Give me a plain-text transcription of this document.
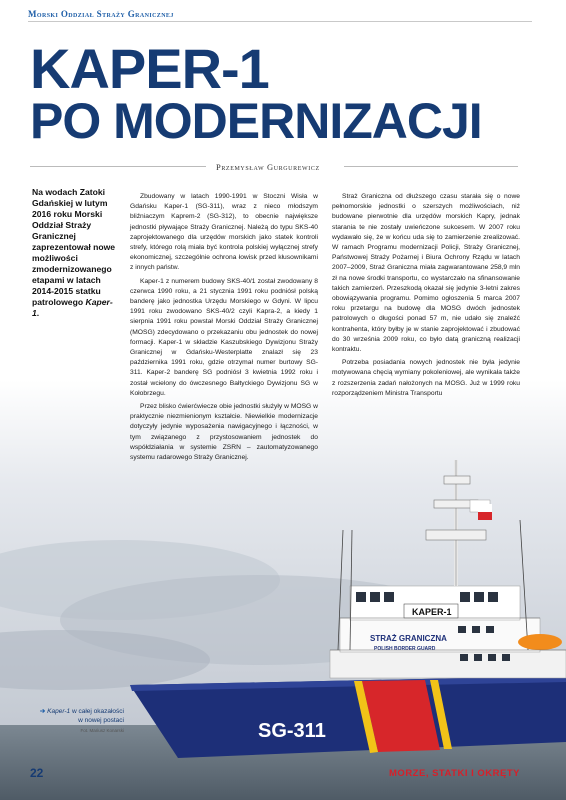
Morski Oddział Straży Granicznej
KAPER-1
PO MODERNIZACJI
Przemysław Gurgurewicz
Na wodach Zatoki Gdańskiej w lutym 2016 roku Morski Oddział Straży Granicznej zaprezentował nowe możliwości zmodernizowanego etapami w latach 2014-2015 statku patrolowego Kaper-1.
SG-311
KAPER-1
STRAŻ GRANICZNA
POLISH BORDER GUARD

Zbudowany w latach 1990-1991 w Stoczni Wisła w Gdańsku Kaper-1 (SG-311), wraz z nieco młodszym bliźniaczym Kaprem-2 (SG-312), to obecnie największe jednostki pływające Straży Granicznej. Należą do typu SKS-40 zaprojektowanego dla urzędów morskich jako statek kontroli strefy, którego rolą miała być kontrola polskiej wyłącznej strefy ekonomicznej, szczególnie ochrona łowisk przed kłusownikami z innych państw.

Kaper-1 z numerem budowy SKS-40/1 został zwodowany 8 czerwca 1990 roku, a 21 stycznia 1991 roku podniósł polską banderę jako jednostka Urzędu Morskiego w Gdyni. W lipcu 1991 roku zwodowano SKS-40/2 czyli Kapra-2, a kiedy 1 sierpnia 1991 roku powstał Morski Oddział Straży Granicznej (MOSG) zdecydowano o przekazaniu obu jednostek do nowej formacji. Kaper-1 w składzie Kaszubskiego Dywizjonu Straży Granicznej w Gdańsku-Westerplatte znalazł się 23 października 1991 roku, gdzie otrzymał numer burtowy SG-311. Kaper-2 banderę SG podniósł 3 kwietnia 1992 roku i został wcielony do ówczesnego Bałtyckiego Dywizjonu SG w Kołobrzegu.

Przez blisko ćwierćwiecze obie jednostki służyły w MOSG w praktycznie niezmienionym kształcie. Niewielkie modernizacje dotyczyły jedynie wyposażenia nawigacyjnego i łączności, w tym związanego z przystosowaniem jednostek do współdziałania w systemie ZSRN – zautomatyzowanego systemu radarowego Straży Granicznej.

Straż Graniczna od dłuższego czasu starała się o nowe pełnomorskie jednostki o szerszych możliwościach, niż budowane pierwotnie dla urzędów morskich Kapry, jednak starania te nie zostały uwieńczone sukcesem. W 2007 roku wydawało się, że w końcu uda się to zamierzenie zrealizować. W ramach Programu modernizacji Policji, Straży Granicznej, Państwowej Straży Pożarnej i Biura Ochrony Rządu w latach 2007–2009, Straż Graniczna miała zagwarantowane 258,9 mln zł na nowe środki transportu, co wystarczało na sfinansowanie takich zamierzeń. Przeszkodą okazał się jedynie 3-letni zakres obowiązywania programu. Pomimo ogłoszenia 5 marca 2007 roku przetargu na budowę dla MOSG dwóch jednostek patrolowych o długości ponad 57 m, nie udało się znaleźć kontrahenta, który byłby je w stanie zaprojektować i zbudować do 30 września 2009 roku, co było datą graniczną realizacji kontraktu.

Potrzeba posiadania nowych jednostek nie była jedynie motywowana chęcią wymiany pokoleniowej, ale wynikała także z rozszerzenia zadań nałożonych na MOSG. Już w 1999 roku rozporządzeniem Ministra Transportu

➔ Kaper-1 w całej okazałości w nowej postaci
Fot. Mariusz Konarski
22	MORZE, STATKI I OKRĘTY
